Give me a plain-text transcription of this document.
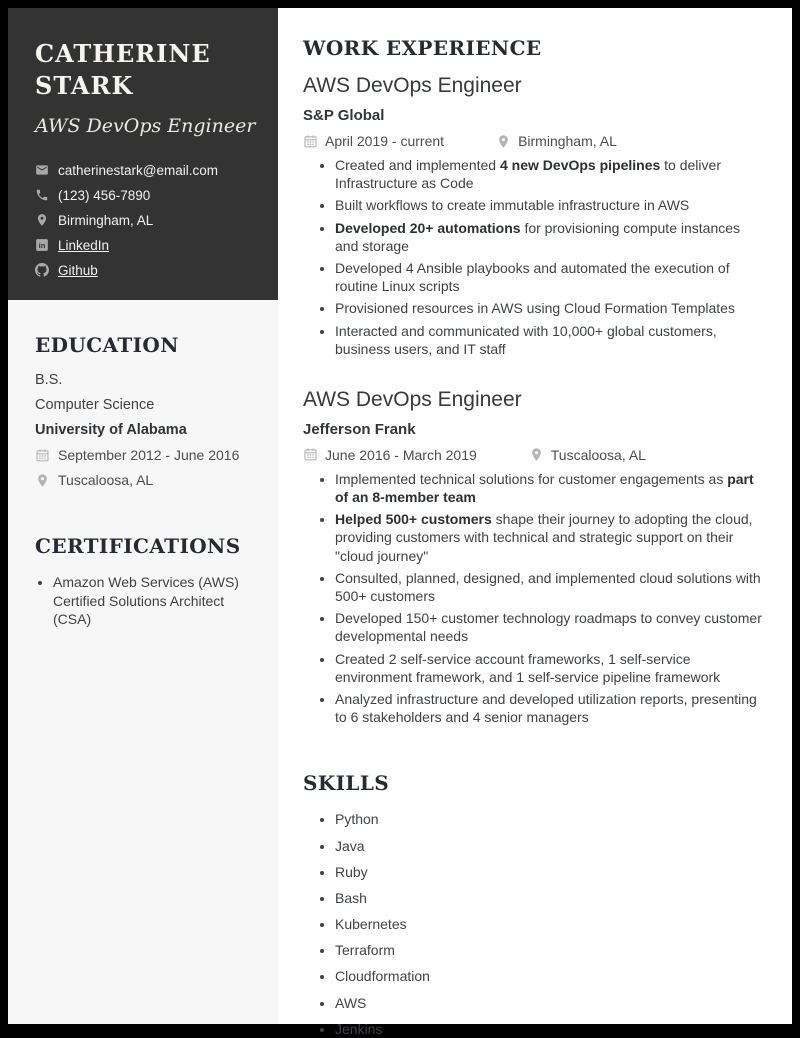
CATHERINE
STARK
AWS DevOps Engineer
catherinestark@email.com
(123) 456-7890
Birmingham, AL
in LinkedIn
Github
EDUCATION
B.S.
Computer Science
University of Alabama
September 2012 - June 2016
Tuscaloosa, AL
CERTIFICATIONS
• Amazon Web Services (AWS) Certified Solutions Architect (CSA)
WORK EXPERIENCE
AWS DevOps Engineer
S&P Global
April 2019 - current	Birmingham, AL
• Created and implemented 4 new DevOps pipelines to deliver Infrastructure as Code
• Built workflows to create immutable infrastructure in AWS
• Developed 20+ automations for provisioning compute instances and storage
• Developed 4 Ansible playbooks and automated the execution of routine Linux scripts
• Provisioned resources in AWS using Cloud Formation Templates
• Interacted and communicated with 10,000+ global customers, business users, and IT staff
AWS DevOps Engineer
Jefferson Frank
June 2016 - March 2019	Tuscaloosa, AL
• Implemented technical solutions for customer engagements as part of an 8-member team
• Helped 500+ customers shape their journey to adopting the cloud, providing customers with technical and strategic support on their "cloud journey"
• Consulted, planned, designed, and implemented cloud solutions with 500+ customers
• Developed 150+ customer technology roadmaps to convey customer developmental needs
• Created 2 self-service account frameworks, 1 self-service environment framework, and 1 self-service pipeline framework
• Analyzed infrastructure and developed utilization reports, presenting to 6 stakeholders and 4 senior managers
SKILLS
• Python
• Java
• Ruby
• Bash
• Kubernetes
• Terraform
• Cloudformation
• AWS
• Jenkins
